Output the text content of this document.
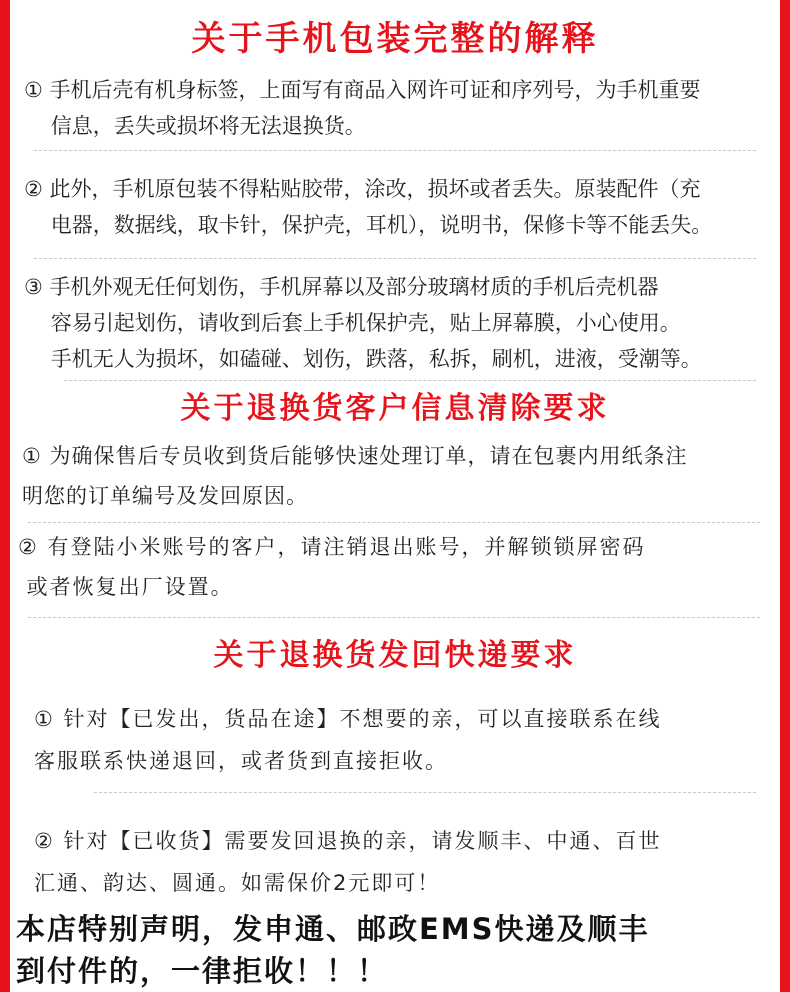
关于手机包装完整的解释
① 手机后壳有机身标签，上面写有商品入网许可证和序列号，为手机重要
信息，丢失或损坏将无法退换货。
② 此外，手机原包装不得粘贴胶带，涂改，损坏或者丢失。原装配件（充
电器，数据线，取卡针，保护壳，耳机），说明书，保修卡等不能丢失。
③ 手机外观无任何划伤，手机屏幕以及部分玻璃材质的手机后壳机器
容易引起划伤，请收到后套上手机保护壳，贴上屏幕膜，小心使用。
手机无人为损坏，如磕碰、划伤，跌落，私拆，刷机，进液，受潮等。
关于退换货客户信息清除要求
① 为确保售后专员收到货后能够快速处理订单，请在包裹内用纸条注
明您的订单编号及发回原因。
② 有登陆小米账号的客户，请注销退出账号，并解锁锁屏密码
或者恢复出厂设置。
关于退换货发回快递要求
① 针对【已发出，货品在途】不想要的亲，可以直接联系在线
客服联系快递退回，或者货到直接拒收。
② 针对【已收货】需要发回退换的亲，请发顺丰、中通、百世
汇通、韵达、圆通。如需保价2元即可！
本店特别声明，发申通、邮政EMS快递及顺丰
到付件的，一律拒收！！！
